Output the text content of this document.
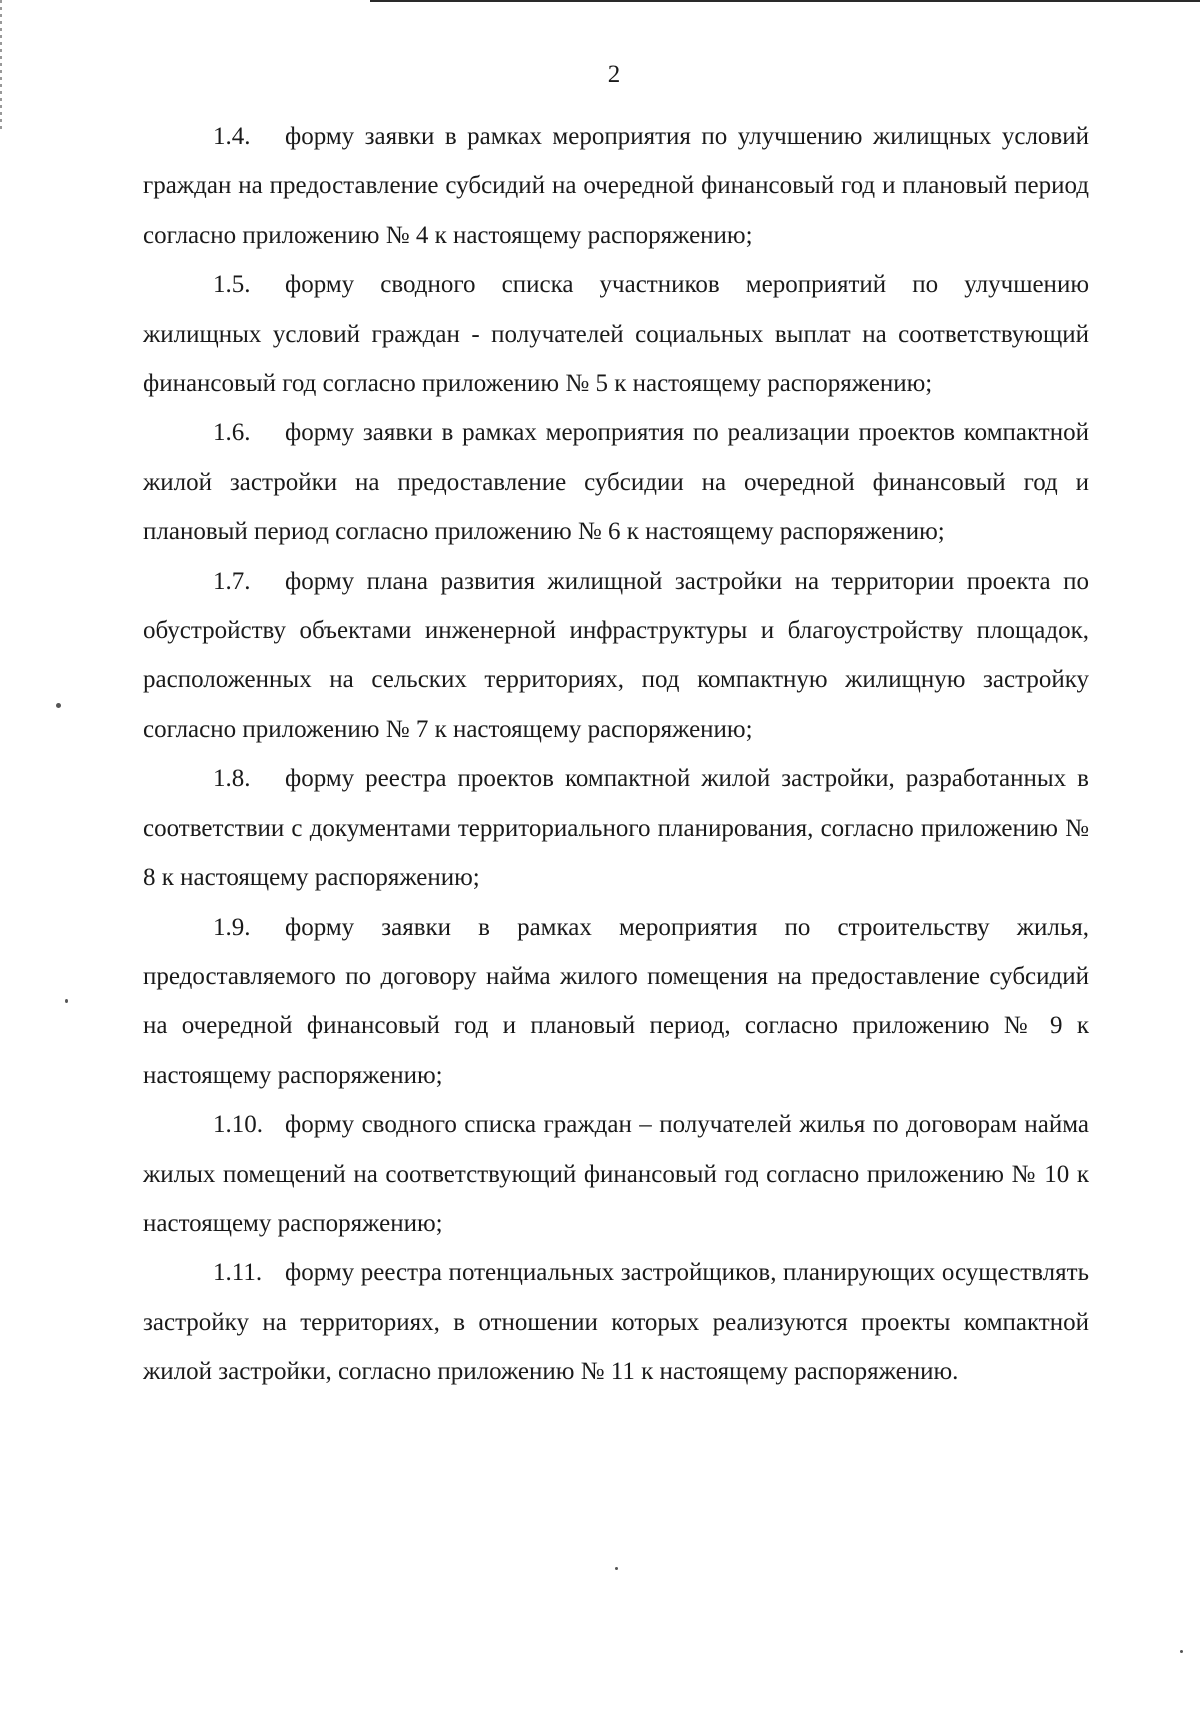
2

1.4. форму заявки в рамках мероприятия по улучшению жилищных условий граждан на предоставление субсидий на очередной финансовый год и плановый период согласно приложению № 4 к настоящему распоряжению;

1.5. форму сводного списка участников мероприятий по улучшению жилищных условий граждан - получателей социальных выплат на соответствующий финансовый год согласно приложению № 5 к настоящему распоряжению;

1.6. форму заявки в рамках мероприятия по реализации проектов компактной жилой застройки на предоставление субсидии на очередной финансовый год и плановый период согласно приложению № 6 к настоящему распоряжению;

1.7. форму плана развития жилищной застройки на территории проекта по обустройству объектами инженерной инфраструктуры и благоустройству площадок, расположенных на сельских территориях, под компактную жилищную застройку согласно приложению № 7 к настоящему распоряжению;

1.8. форму реестра проектов компактной жилой застройки, разработанных в соответствии с документами территориального планирования, согласно приложению № 8 к настоящему распоряжению;

1.9. форму заявки в рамках мероприятия по строительству жилья, предоставляемого по договору найма жилого помещения на предоставление субсидий на очередной финансовый год и плановый период, согласно приложению № 9 к настоящему распоряжению;

1.10. форму сводного списка граждан – получателей жилья по договорам найма жилых помещений на соответствующий финансовый год согласно приложению № 10 к настоящему распоряжению;

1.11. форму реестра потенциальных застройщиков, планирующих осуществлять застройку на территориях, в отношении которых реализуются проекты компактной жилой застройки, согласно приложению № 11 к настоящему распоряжению.
